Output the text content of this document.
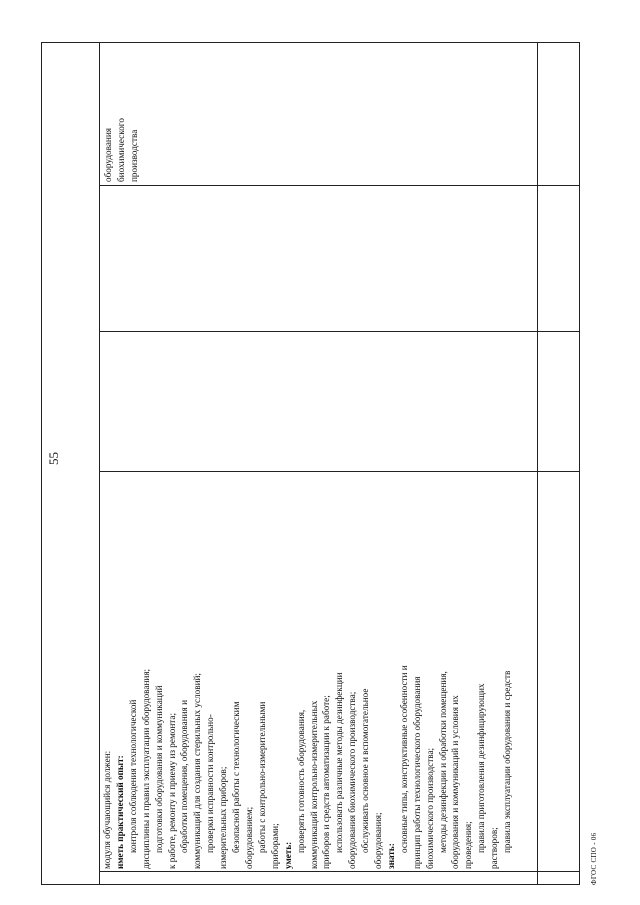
55
модуля обучающийся должен: иметь практический опыт: контроля соблюдения технологической дисциплины и правил эксплуатации оборудования; подготовки оборудования и коммуникаций к работе, ремонту и приему из ремонта; обработки помещения, оборудования и коммуникаций для создания стерильных условий; проверки исправности контрольно- измерительных приборов; безопасной работы с технологическим оборудованием; работы с контрольно-измерительными приборами; уметь:
проверять готовность оборудования, коммуникаций контрольно-измерительных приборов и средств автоматизации к работе; использовать различные методы дезинфекции оборудования биохимического производства; обслуживать основное и вспомогательное оборудования; знать:
основные типы, конструктивные особенности и принцип работы технологического оборудования биохимического производства; методы дезинфекции и обработки помещения, оборудования и коммуникаций и условия их проведения; правила приготовления дезинфицирующих растворов; правила эксплуатации оборудования и средств
оборудования биохимического производства
ФГОС СПО - 06
